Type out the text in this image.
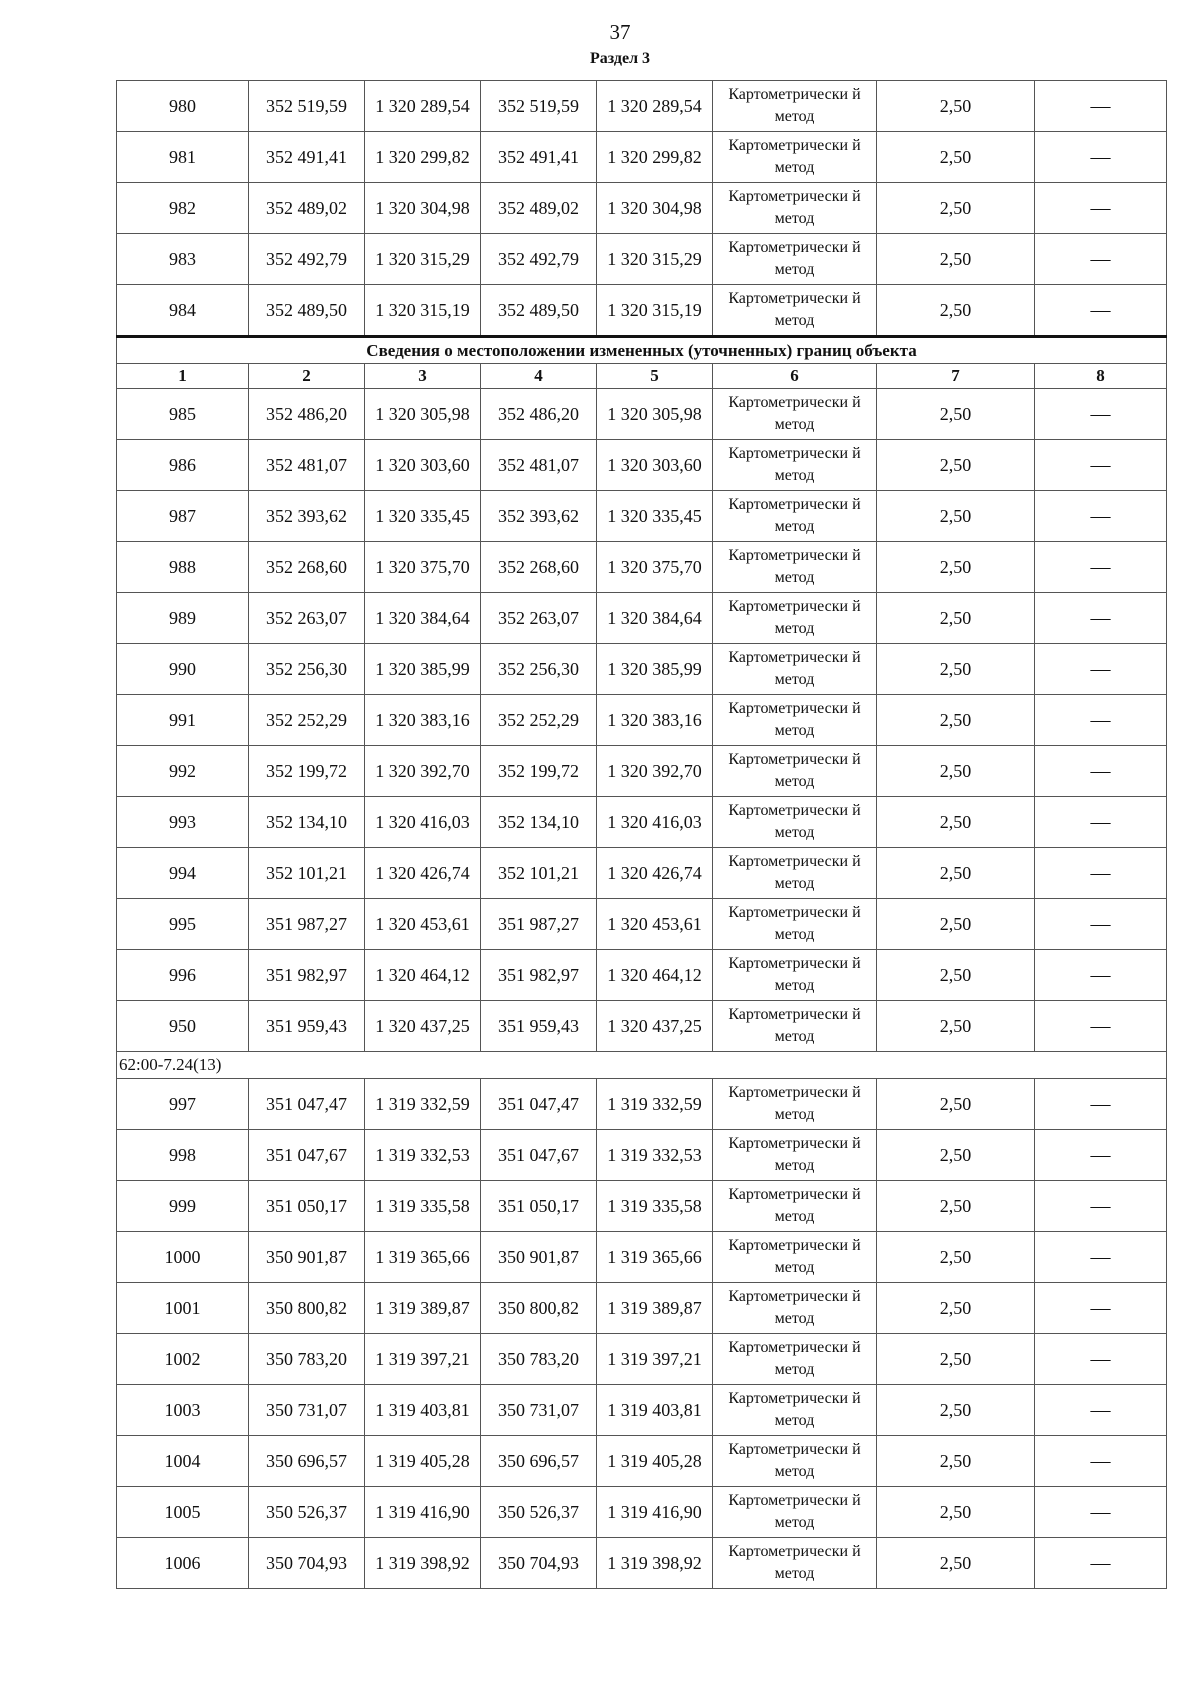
37
Раздел 3
980	352 519,59	1 320 289,54	352 519,59	1 320 289,54	Картометрически й метод	2,50	—
981	352 491,41	1 320 299,82	352 491,41	1 320 299,82	Картометрически й метод	2,50	—
982	352 489,02	1 320 304,98	352 489,02	1 320 304,98	Картометрически й метод	2,50	—
983	352 492,79	1 320 315,29	352 492,79	1 320 315,29	Картометрически й метод	2,50	—
984	352 489,50	1 320 315,19	352 489,50	1 320 315,19	Картометрически й метод	2,50	—
Сведения о местоположении измененных (уточненных) границ объекта							
1	2	3	4	5	6	7	8
985	352 486,20	1 320 305,98	352 486,20	1 320 305,98	Картометрически й метод	2,50	—
986	352 481,07	1 320 303,60	352 481,07	1 320 303,60	Картометрически й метод	2,50	—
987	352 393,62	1 320 335,45	352 393,62	1 320 335,45	Картометрически й метод	2,50	—
988	352 268,60	1 320 375,70	352 268,60	1 320 375,70	Картометрически й метод	2,50	—
989	352 263,07	1 320 384,64	352 263,07	1 320 384,64	Картометрически й метод	2,50	—
990	352 256,30	1 320 385,99	352 256,30	1 320 385,99	Картометрически й метод	2,50	—
991	352 252,29	1 320 383,16	352 252,29	1 320 383,16	Картометрически й метод	2,50	—
992	352 199,72	1 320 392,70	352 199,72	1 320 392,70	Картометрически й метод	2,50	—
993	352 134,10	1 320 416,03	352 134,10	1 320 416,03	Картометрически й метод	2,50	—
994	352 101,21	1 320 426,74	352 101,21	1 320 426,74	Картометрически й метод	2,50	—
995	351 987,27	1 320 453,61	351 987,27	1 320 453,61	Картометрически й метод	2,50	—
996	351 982,97	1 320 464,12	351 982,97	1 320 464,12	Картометрически й метод	2,50	—
950	351 959,43	1 320 437,25	351 959,43	1 320 437,25	Картометрически й метод	2,50	—
62:00-7.24(13)							
997	351 047,47	1 319 332,59	351 047,47	1 319 332,59	Картометрически й метод	2,50	—
998	351 047,67	1 319 332,53	351 047,67	1 319 332,53	Картометрически й метод	2,50	—
999	351 050,17	1 319 335,58	351 050,17	1 319 335,58	Картометрически й метод	2,50	—
1000	350 901,87	1 319 365,66	350 901,87	1 319 365,66	Картометрически й метод	2,50	—
1001	350 800,82	1 319 389,87	350 800,82	1 319 389,87	Картометрически й метод	2,50	—
1002	350 783,20	1 319 397,21	350 783,20	1 319 397,21	Картометрически й метод	2,50	—
1003	350 731,07	1 319 403,81	350 731,07	1 319 403,81	Картометрически й метод	2,50	—
1004	350 696,57	1 319 405,28	350 696,57	1 319 405,28	Картометрически й метод	2,50	—
1005	350 526,37	1 319 416,90	350 526,37	1 319 416,90	Картометрически й метод	2,50	—
1006	350 704,93	1 319 398,92	350 704,93	1 319 398,92	Картометрически й метод	2,50	—
